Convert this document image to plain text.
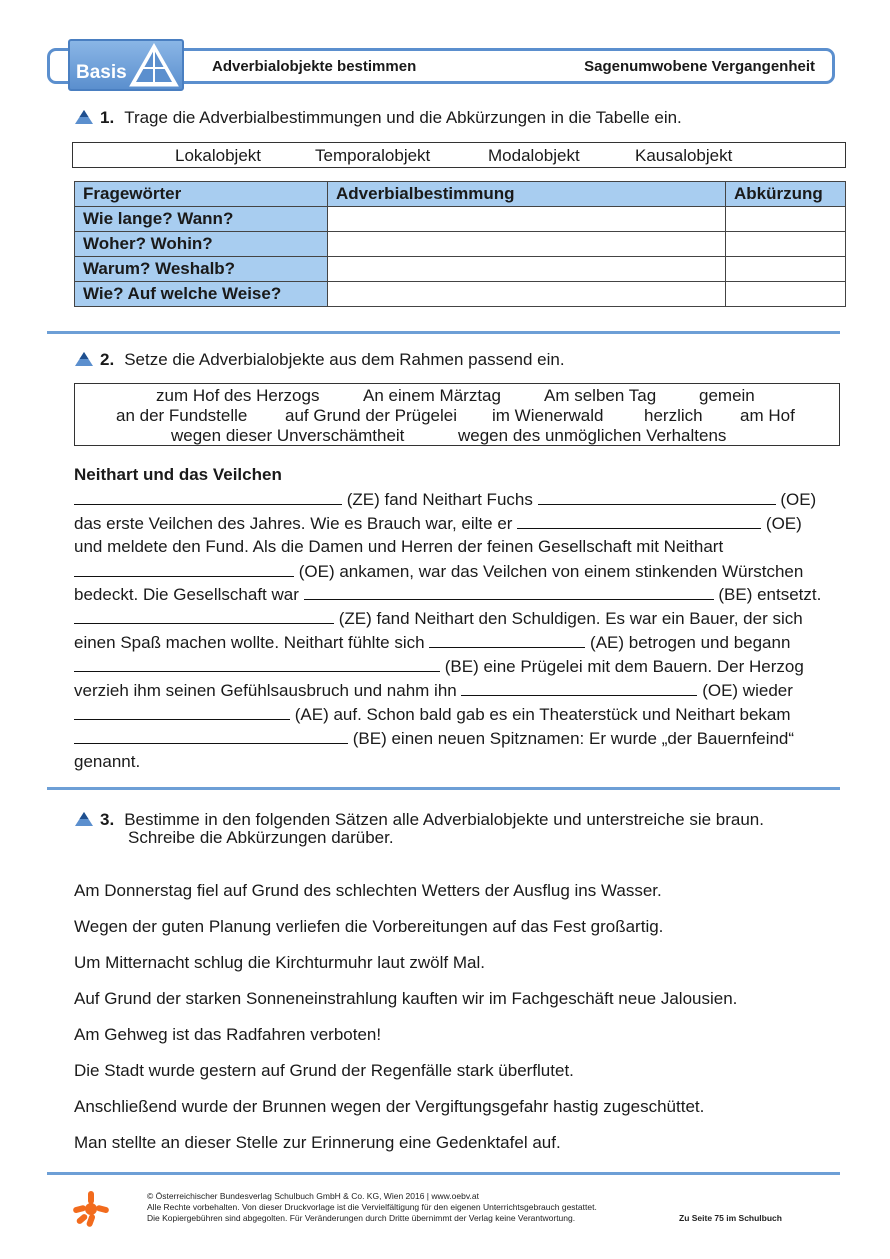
Basis	Adverbialobjekte bestimmen	Sagenumwobene Vergangenheit
1. Trage die Adverbialbestimmungen und die Abkürzungen in die Tabelle ein.
Lokalobjekt	Temporalobjekt	Modalobjekt	Kausalobjekt
Fragewörter	Adverbialbestimmung	Abkürzung
Wie lange? Wann?		
Woher? Wohin?		
Warum? Weshalb?		
Wie? Auf welche Weise?		
2. Setze die Adverbialobjekte aus dem Rahmen passend ein.
zum Hof des Herzogs	An einem Märztag	Am selben Tag	gemein
an der Fundstelle auf Grund der Prügelei im Wienerwald herzlich am Hof
wegen dieser Unverschämtheit	wegen des unmöglichen Verhaltens
Neithart und das Veilchen
(ZE) fand Neithart Fuchs	(OE)
das erste Veilchen des Jahres. Wie es Brauch war, eilte er	(OE)
und meldete den Fund. Als die Damen und Herren der feinen Gesellschaft mit Neithart
(OE) ankamen, war das Veilchen von einem stinkenden Würstchen
bedeckt. Die Gesellschaft war	(BE) entsetzt.
(ZE) fand Neithart den Schuldigen. Es war ein Bauer, der sich
einen Spaß machen wollte. Neithart fühlte sich	(AE) betrogen und begann
(BE) eine Prügelei mit dem Bauern. Der Herzog
verzieh ihm seinen Gefühlsausbruch und nahm ihn	(OE) wieder
(AE) auf. Schon bald gab es ein Theaterstück und Neithart bekam
(BE) einen neuen Spitznamen: Er wurde „der Bauernfeind“
genannt.
3. Bestimme in den folgenden Sätzen alle Adverbialobjekte und unterstreiche sie braun.
Schreibe die Abkürzungen darüber.
Am Donnerstag fiel auf Grund des schlechten Wetters der Ausflug ins Wasser.
Wegen der guten Planung verliefen die Vorbereitungen auf das Fest großartig.
Um Mitternacht schlug die Kirchturmuhr laut zwölf Mal.
Auf Grund der starken Sonneneinstrahlung kauften wir im Fachgeschäft neue Jalousien.
Am Gehweg ist das Radfahren verboten!
Die Stadt wurde gestern auf Grund der Regenfälle stark überflutet.
Anschließend wurde der Brunnen wegen der Vergiftungsgefahr hastig zugeschüttet.
Man stellte an dieser Stelle zur Erinnerung eine Gedenktafel auf.
© Österreichischer Bundesverlag Schulbuch GmbH & Co. KG, Wien 2016 | www.oebv.at
Alle Rechte vorbehalten. Von dieser Druckvorlage ist die Vervielfältigung für den eigenen Unterrichtsgebrauch gestattet.
Die Kopiergebühren sind abgegolten. Für Veränderungen durch Dritte übernimmt der Verlag keine Verantwortung.	Zu Seite 75 im Schulbuch
